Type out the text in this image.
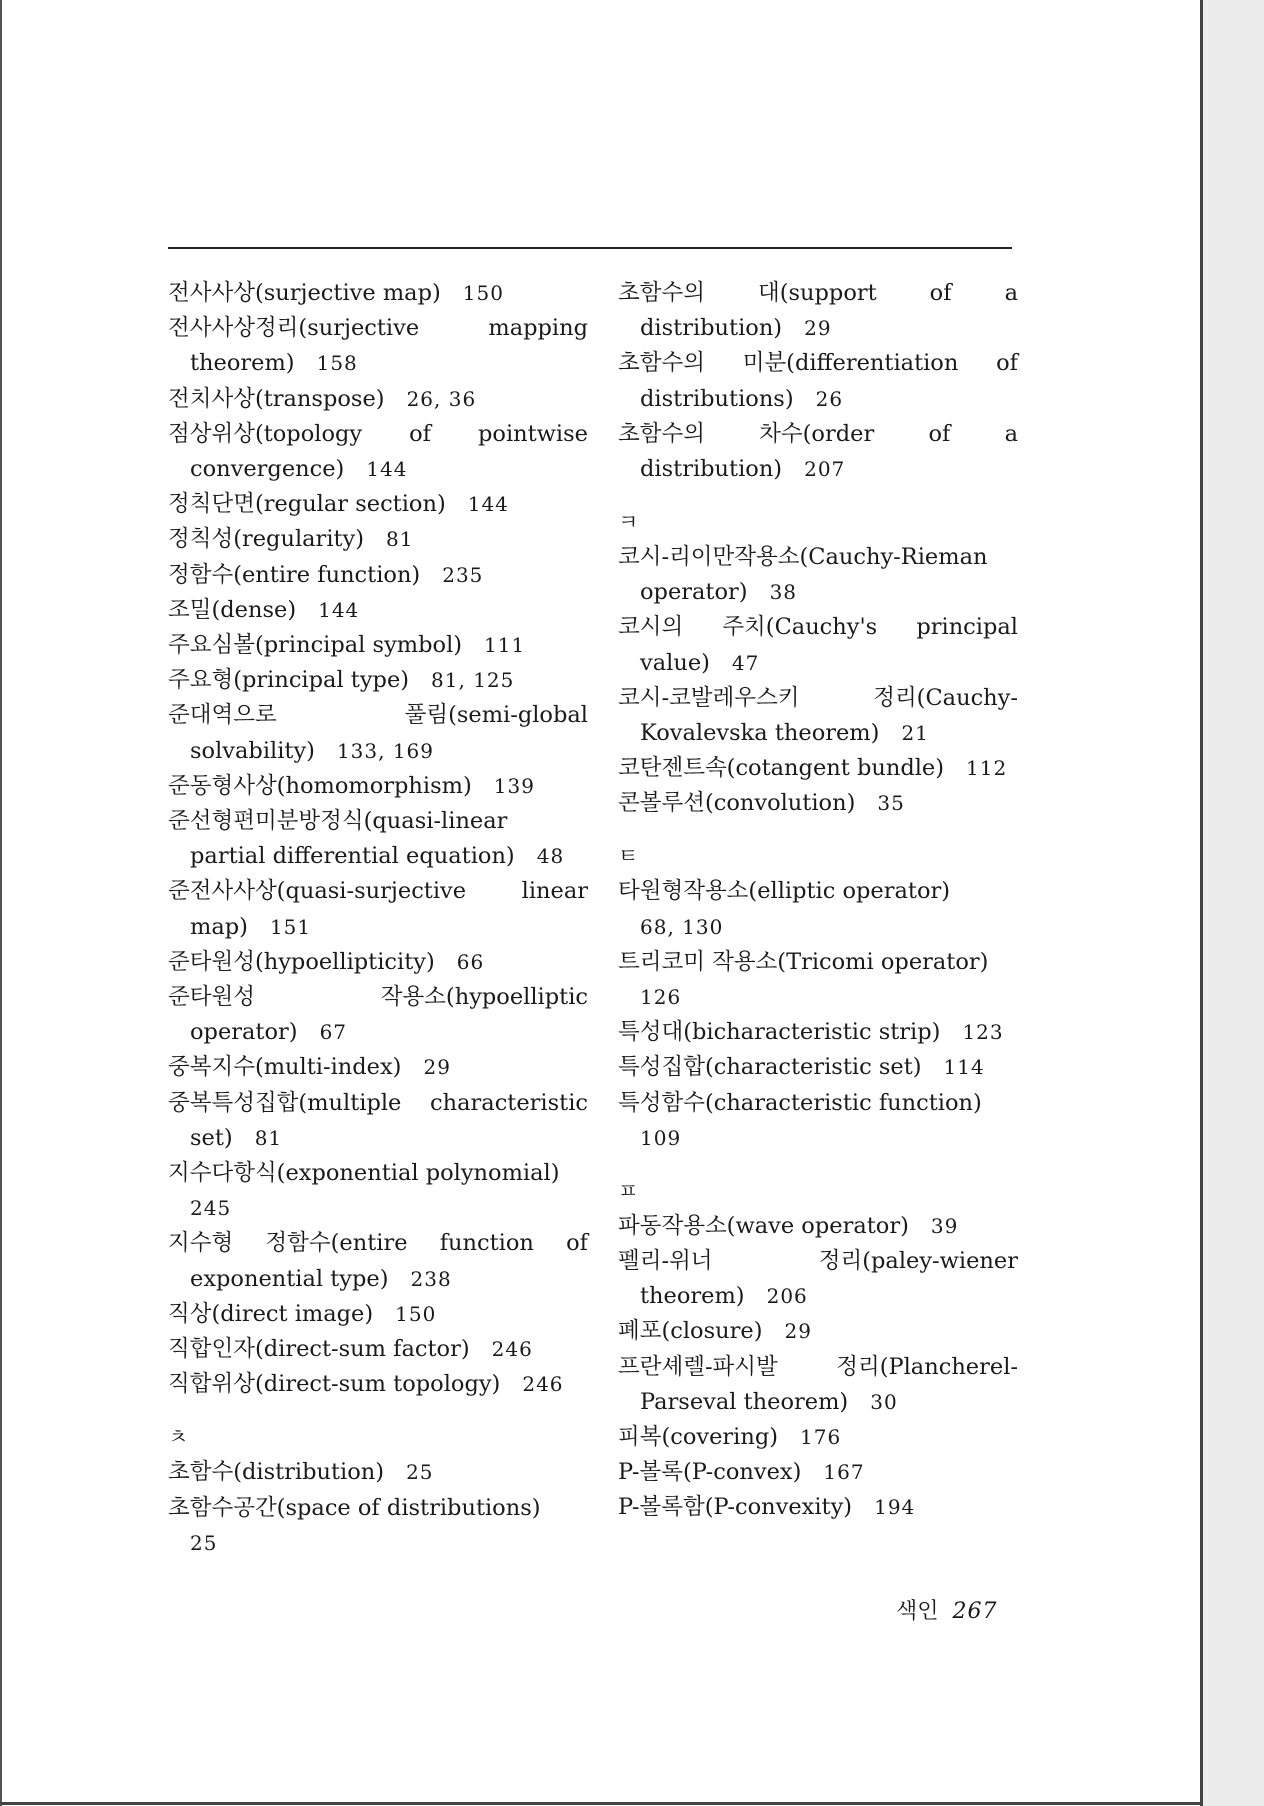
전사사상(surjective map) 150
전사사상정리(surjective mapping theorem) 158
전치사상(transpose) 26, 36
점상위상(topology of pointwise convergence) 144
정칙단면(regular section) 144
정칙성(regularity) 81
정함수(entire function) 235
조밀(dense) 144
주요심볼(principal symbol) 111
주요형(principal type) 81, 125
준대역으로 풀림(semi-global solvability) 133, 169
준동형사상(homomorphism) 139
준선형편미분방정식(quasi-linear partial differential equation) 48
준전사사상(quasi-surjective linear map) 151
준타원성(hypoellipticity) 66
준타원성 작용소(hypoelliptic operator) 67
중복지수(multi-index) 29
중복특성집합(multiple characteristic set) 81
지수다항식(exponential polynomial)
245
지수형 정함수(entire function of exponential type) 238
직상(direct image) 150
직합인자(direct-sum factor) 246
직합위상(direct-sum topology) 246
ㅊ
초함수(distribution) 25
초함수공간(space of distributions)
25
초함수의 대(support of a distribution) 29
초함수의 미분(differentiation of distributions) 26
초함수의 차수(order of a distribution) 207
ㅋ
코시-리이만작용소(Cauchy-Rieman operator) 38
코시의 주치(Cauchy's principal value) 47
코시-코발레우스키 정리(Cauchy-Kovalevska theorem) 21
코탄젠트속(cotangent bundle) 112
콘볼루션(convolution) 35
ㅌ
타원형작용소(elliptic operator)
68, 130
트리코미 작용소(Tricomi operator)
126
특성대(bicharacteristic strip) 123
특성집합(characteristic set) 114
특성함수(characteristic function)
109
ㅍ
파동작용소(wave operator) 39
펠리-위너 정리(paley-wiener theorem) 206
폐포(closure) 29
프란셰렐-파시발 정리(Plancherel-Parseval theorem) 30
피복(covering) 176
P-볼록(P-convex) 167
P-볼록함(P-convexity) 194
색인 267
